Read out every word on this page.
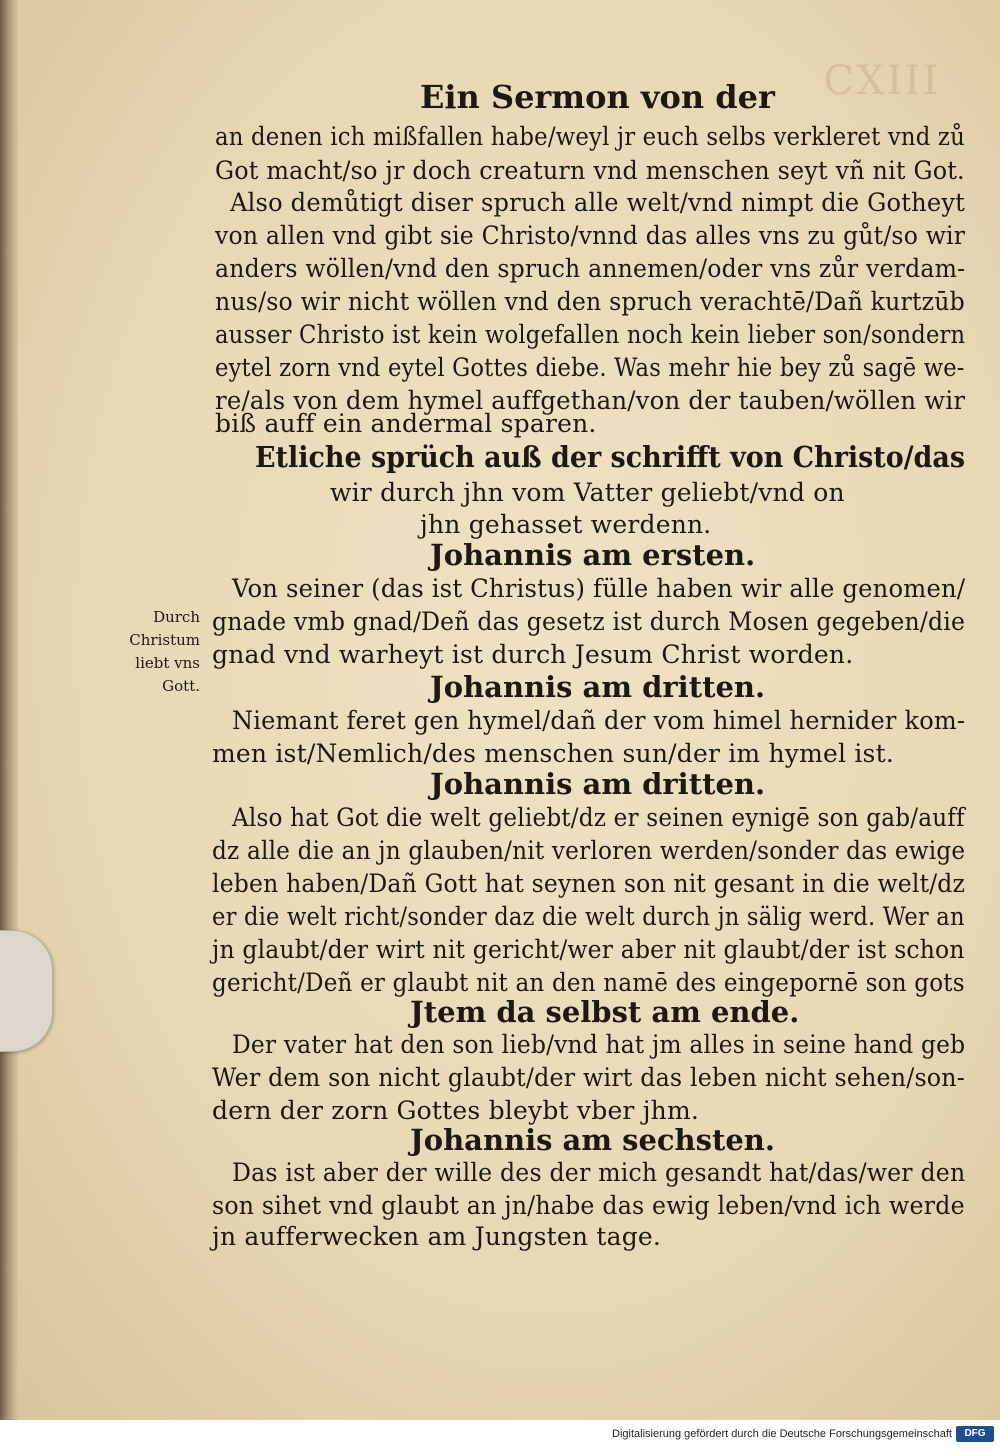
CXIII
Ein Sermon von der
an denen ich mißfallen habe/weyl jr euch selbs verkleret vnd zů
Got macht/so jr doch creaturn vnd menschen seyt vñ nit Got.
Also demůtigt diser spruch alle welt/vnd nimpt die Gotheyt
von allen vnd gibt sie Christo/vnnd das alles vns zu gůt/so wir
anders wöllen/vnd den spruch annemen/oder vns zůr verdam-
nus/so wir nicht wöllen vnd den spruch verachtē/Dañ kurtzūb
ausser Christo ist kein wolgefallen noch kein lieber son/sondern
eytel zorn vnd eytel Gottes diebe. Was mehr hie bey zů sagē we-
re/als von dem hymel auffgethan/von der tauben/wöllen wir
biß auff ein andermal sparen.
Etliche sprüch auß der schrifft von Christo/das
wir durch jhn vom Vatter geliebt/vnd on
jhn gehasset werdenn.
Johannis am ersten.
Von seiner (das ist Christus) fülle haben wir alle genomen/
gnade vmb gnad/Deñ das gesetz ist durch Mosen gegeben/die
gnad vnd warheyt ist durch Jesum Christ worden.
Durch
Christum
liebt vns
Gott.	Johannis am dritten.
Niemant feret gen hymel/dañ der vom himel hernider kom-
men ist/Nemlich/des menschen sun/der im hymel ist.
Johannis am dritten.
Also hat Got die welt geliebt/dz er seinen eynigē son gab/auff
dz alle die an jn glauben/nit verloren werden/sonder das ewige
leben haben/Dañ Gott hat seynen son nit gesant in die welt/dz
er die welt richt/sonder daz die welt durch jn sälig werd. Wer an
jn glaubt/der wirt nit gericht/wer aber nit glaubt/der ist schon
gericht/Deñ er glaubt nit an den namē des eingepornē son gots
Jtem da selbst am ende.
Der vater hat den son lieb/vnd hat jm alles in seine hand geb
Wer dem son nicht glaubt/der wirt das leben nicht sehen/son-
dern der zorn Gottes bleybt vber jhm.
Johannis am sechsten.
Das ist aber der wille des der mich gesandt hat/das/wer den
son sihet vnd glaubt an jn/habe das ewig leben/vnd ich werde
jn aufferwecken am Jungsten tage.
Digitalisierung gefördert durch die Deutsche Forschungsgemeinschaft	DFG
